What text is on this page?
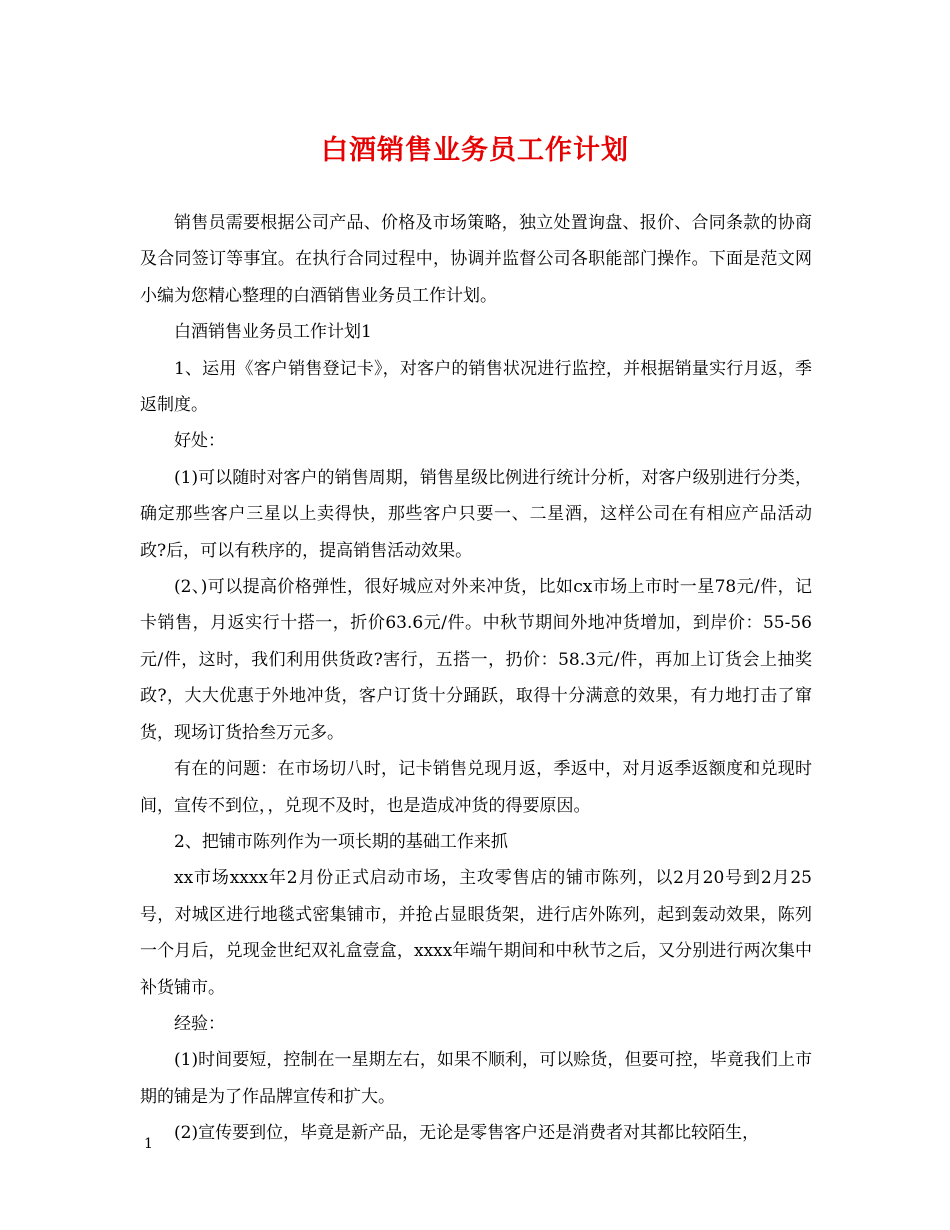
白酒销售业务员工作计划

销售员需要根据公司产品、价格及市场策略，独立处置询盘、报价、合同条款的协商及合同签订等事宜。在执行合同过程中，协调并监督公司各职能部门操作。下面是范文网小编为您精心整理的白酒销售业务员工作计划。

白酒销售业务员工作计划1

1、运用《客户销售登记卡》，对客户的销售状况进行监控，并根据销量实行月返，季返制度。

好处：

(1)可以随时对客户的销售周期，销售星级比例进行统计分析，对客户级别进行分类，确定那些客户三星以上卖得快，那些客户只要一、二星酒，这样公司在有相应产品活动政?后，可以有秩序的，提高销售活动效果。

(2、)可以提高价格弹性，很好城应对外来冲货，比如cx市场上市时一星78元/件，记卡销售，月返实行十搭一，折价63.6元/件。中秋节期间外地冲货增加，到岸价：55-56元/件，这时，我们利用供货政?害行，五搭一，扔价：58.3元/件，再加上订货会上抽奖政?，大大优惠于外地冲货，客户订货十分踊跃，取得十分满意的效果，有力地打击了窜货，现场订货拾叁万元多。

有在的问题：在市场切八时，记卡销售兑现月返，季返中，对月返季返额度和兑现时间，宣传不到位，，兑现不及时，也是造成冲货的得要原因。

2、把铺市陈列作为一项长期的基础工作来抓

xx市场xxxx年2月份正式启动市场，主攻零售店的铺市陈列，以2月20号到2月25号，对城区进行地毯式密集铺市，并抢占显眼货架，进行店外陈列，起到轰动效果，陈列一个月后，兑现金世纪双礼盒壹盒，xxxx年端午期间和中秋节之后，又分别进行两次集中补货铺市。

经验：

(1)时间要短，控制在一星期左右，如果不顺利，可以赊货，但要可控，毕竟我们上市期的铺是为了作品牌宣传和扩大。

(2)宣传要到位，毕竟是新产品，无论是零售客户还是消费者对其都比较陌生，

1
